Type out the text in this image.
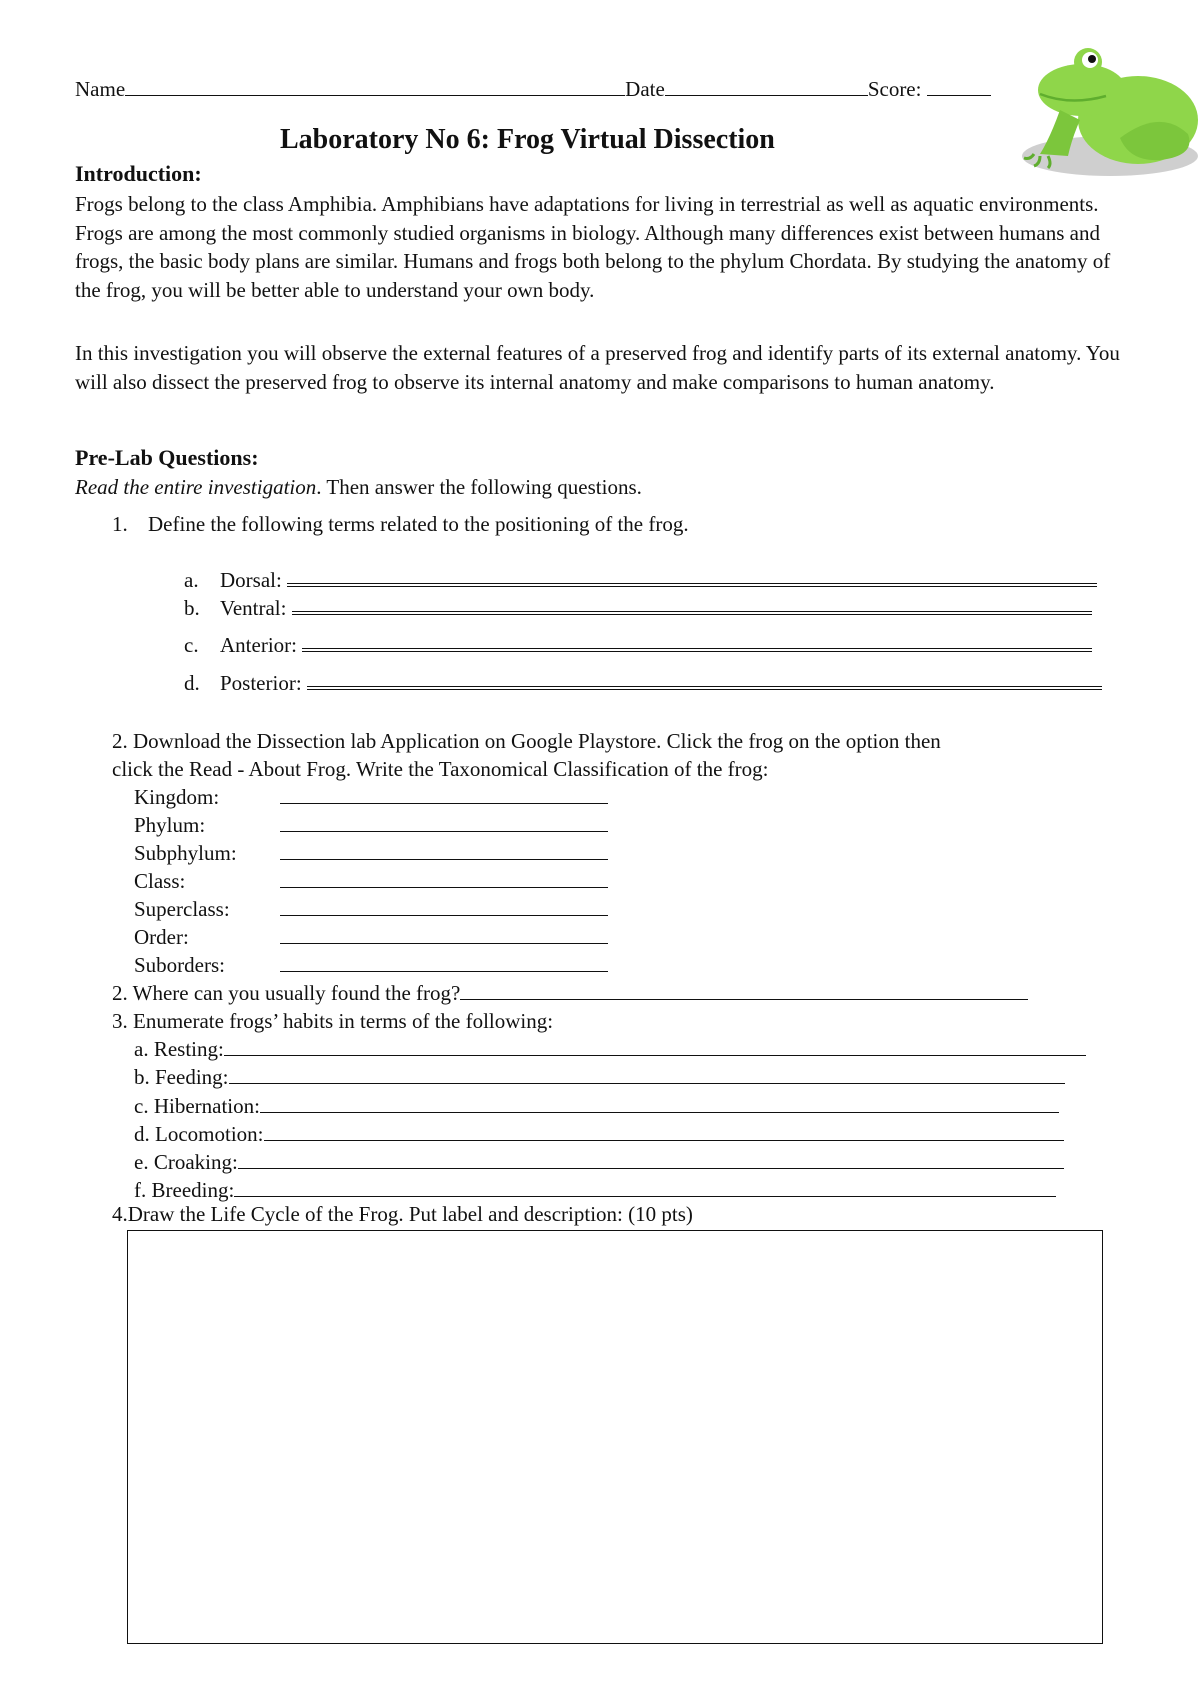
Name	Date	Score:
Laboratory No 6: Frog Virtual Dissection
Introduction:
Frogs belong to the class Amphibia. Amphibians have adaptations for living in terrestrial as well as aquatic environments. Frogs are among the most commonly studied organisms in biology. Although many differences exist between humans and frogs, the basic body plans are similar. Humans and frogs both belong to the phylum Chordata. By studying the anatomy of the frog, you will be better able to understand your own body.
In this investigation you will observe the external features of a preserved frog and identify parts of its external anatomy. You will also dissect the preserved frog to observe its internal anatomy and make comparisons to human anatomy.
Pre-Lab Questions:
Read the entire investigation. Then answer the following questions.
1. Define the following terms related to the positioning of the frog.
a. Dorsal:
b. Ventral:
c. Anterior:
d. Posterior:
2. Download the Dissection lab Application on Google Playstore. Click the frog on the option then
click the Read - About Frog. Write the Taxonomical Classification of the frog:
Kingdom:
Phylum:
Subphylum:
Class:
Superclass:
Order:
Suborders:
2. Where can you usually found the frog?
3. Enumerate frogs’ habits in terms of the following:
a. Resting:
b. Feeding:
c. Hibernation:
d. Locomotion:
e. Croaking:
f. Breeding:
4.Draw the Life Cycle of the Frog. Put label and description: (10 pts)
